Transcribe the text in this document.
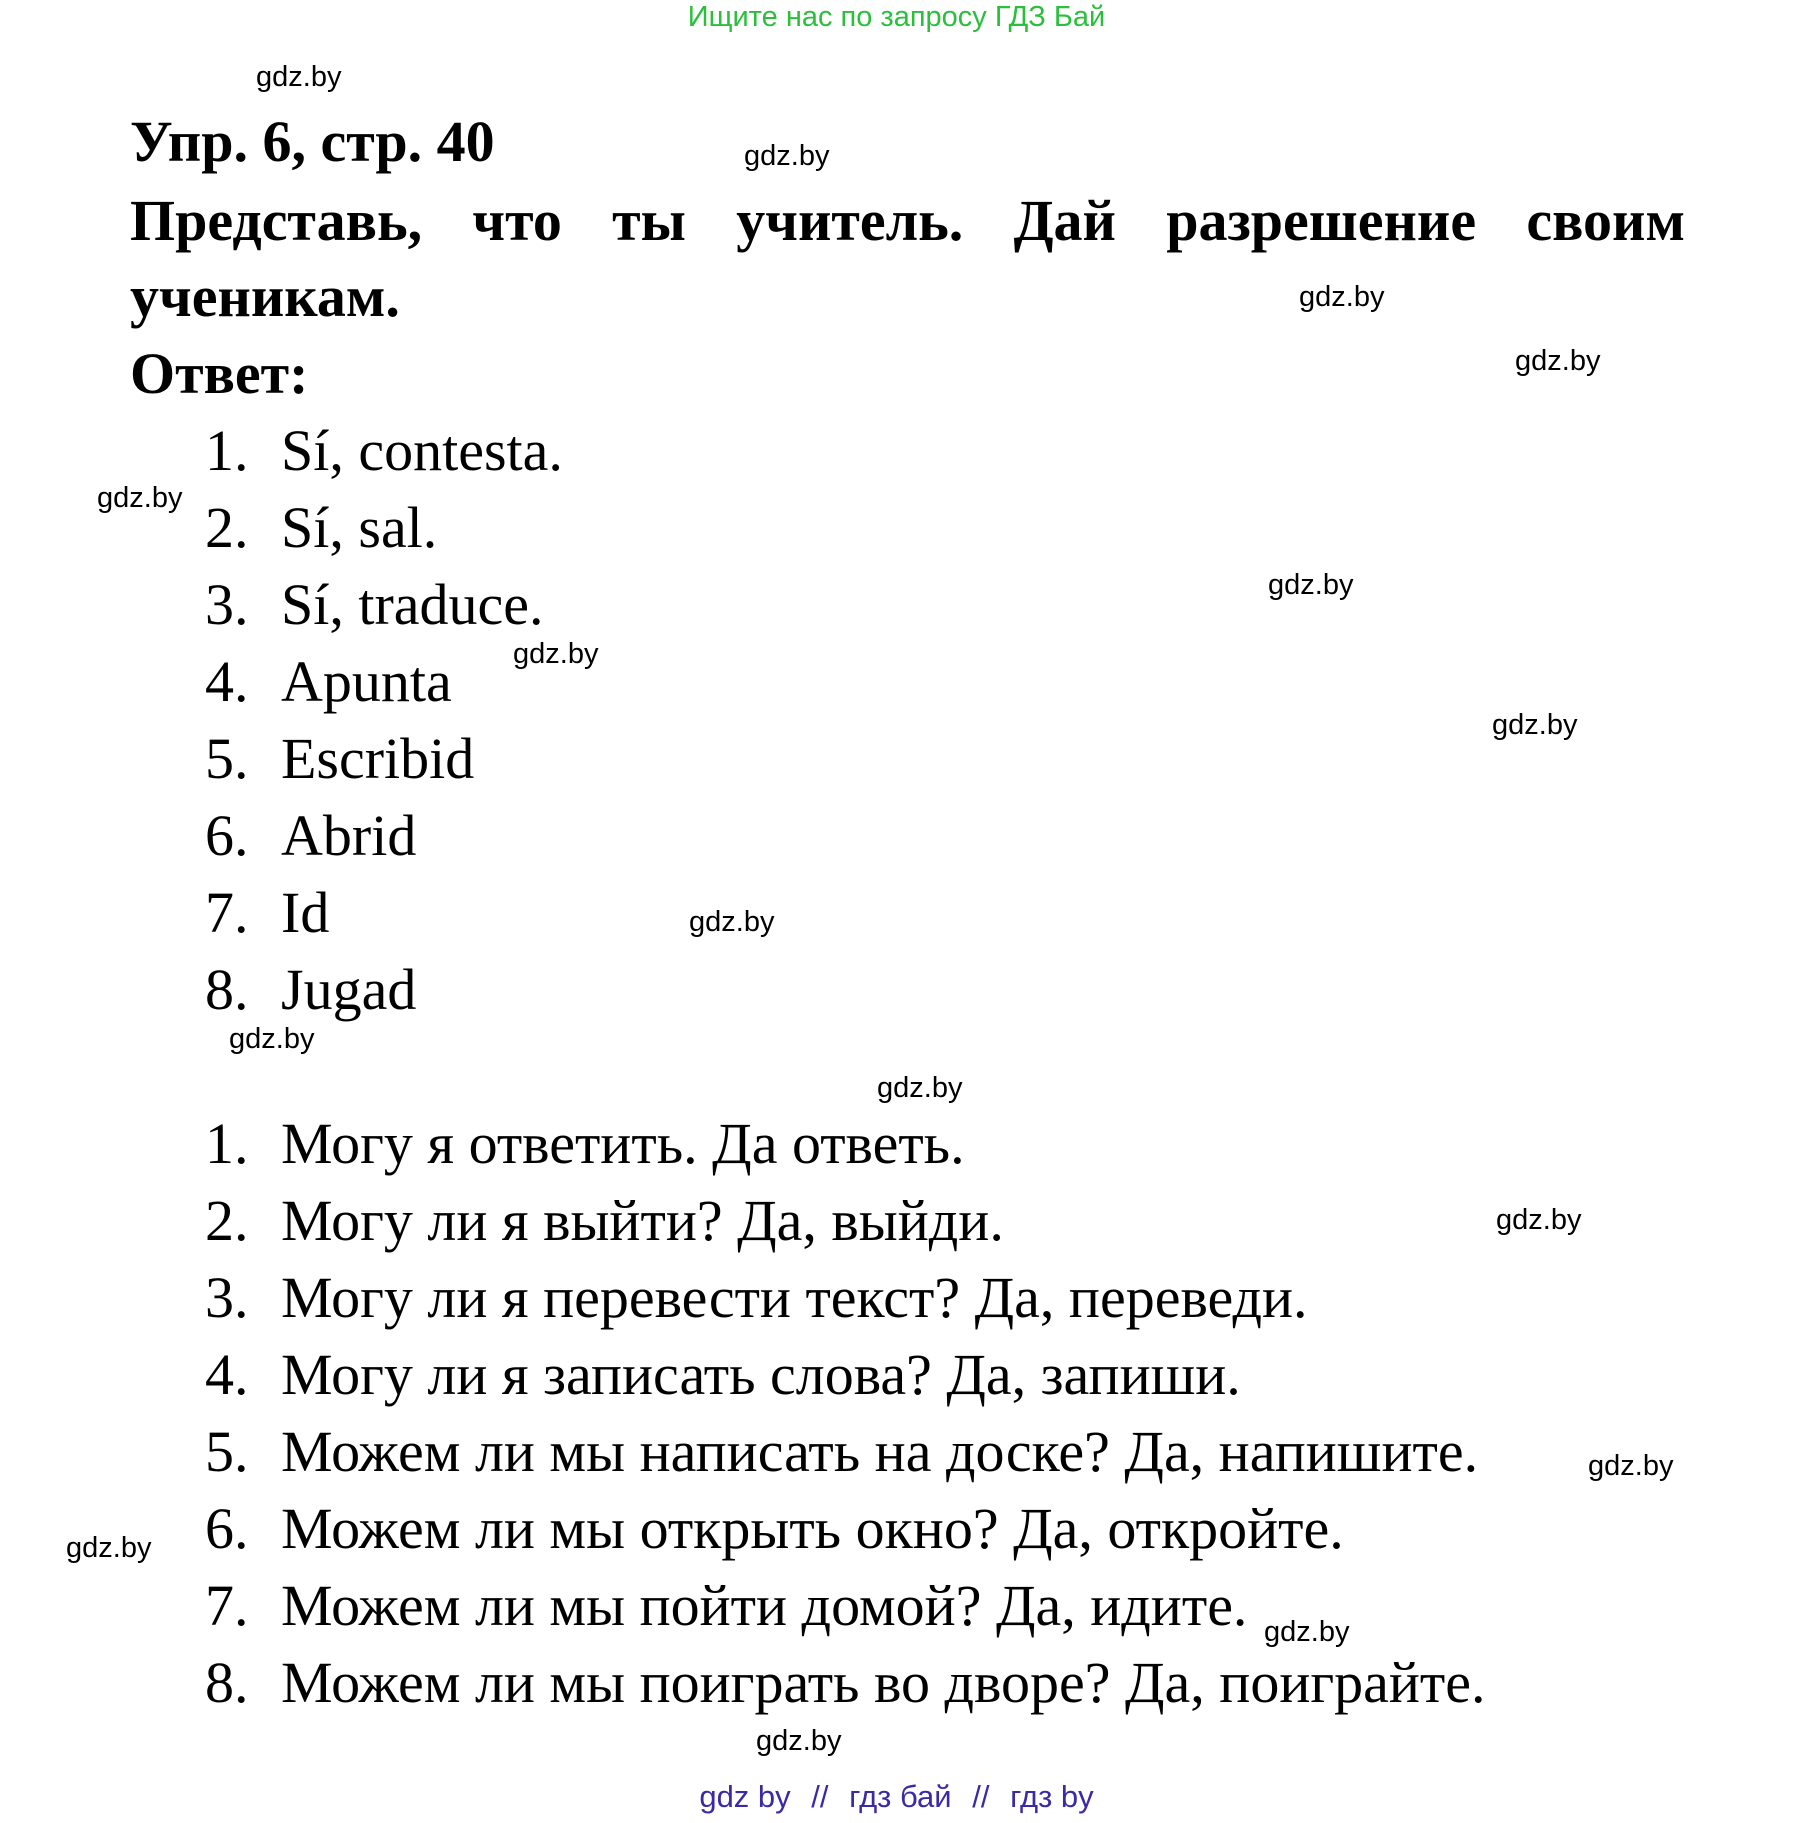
Ищите нас по запросу ГДЗ Бай
gdz.by
gdz.by
gdz.by
gdz.by
gdz.by
gdz.by
gdz.by
gdz.by
gdz.by
gdz.by
gdz.by
gdz.by
gdz.by
gdz.by
gdz.by
gdz.by
Упр. 6, стр. 40
Представь, что ты учитель. Дай разрешение своим
ученикам.
Ответ:
1. Sí, contesta.
2. Sí, sal.
3. Sí, traduce.
4. Apunta
5. Escribid
6. Abrid
7. Id
8. Jugad
1. Могу я ответить. Да ответь.
2. Могу ли я выйти? Да, выйди.
3. Могу ли я перевести текст? Да, переведи.
4. Могу ли я записать слова? Да, запиши.
5. Можем ли мы написать на доске? Да, напишите.
6. Можем ли мы открыть окно? Да, откройте.
7. Можем ли мы пойти домой? Да, идите.
8. Можем ли мы поиграть во дворе? Да, поиграйте.
gdz by // гдз бай // гдз by
